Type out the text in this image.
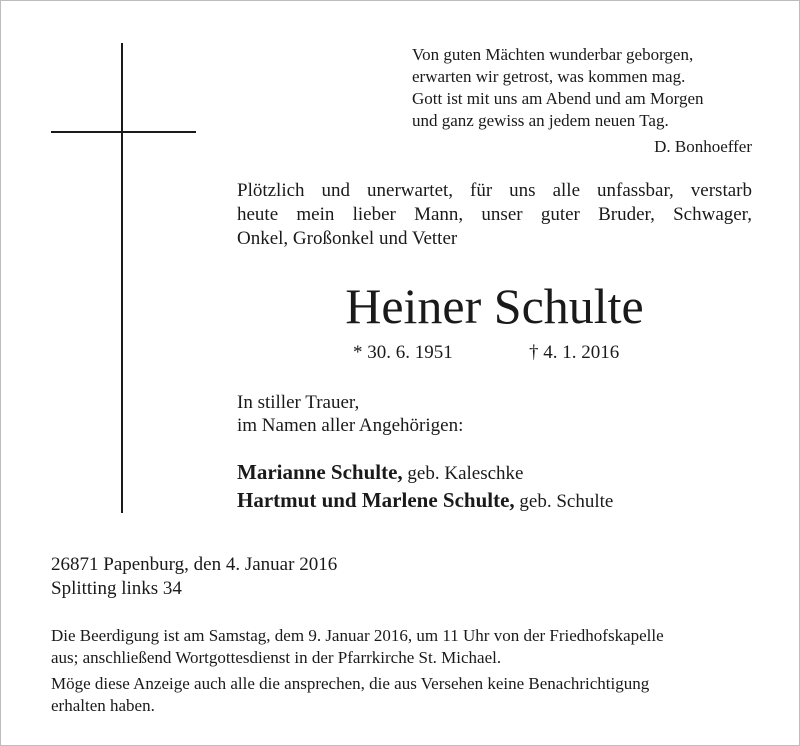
Von guten Mächten wunderbar geborgen,
erwarten wir getrost, was kommen mag.
Gott ist mit uns am Abend und am Morgen
und ganz gewiss an jedem neuen Tag.
D. Bonhoeffer
Plötzlich und unerwartet, für uns alle unfassbar, verstarb
heute mein lieber Mann, unser guter Bruder, Schwager,
Onkel, Großonkel und Vetter
Heiner Schulte
* 30. 6. 1951	† 4. 1. 2016
In stiller Trauer,
im Namen aller Angehörigen:
Marianne Schulte, geb. Kaleschke
Hartmut und Marlene Schulte, geb. Schulte
26871 Papenburg, den 4. Januar 2016
Splitting links 34
Die Beerdigung ist am Samstag, dem 9. Januar 2016, um 11 Uhr von der Friedhofskapelle
aus; anschließend Wortgottesdienst in der Pfarrkirche St. Michael.
Möge diese Anzeige auch alle die ansprechen, die aus Versehen keine Benachrichtigung
erhalten haben.
